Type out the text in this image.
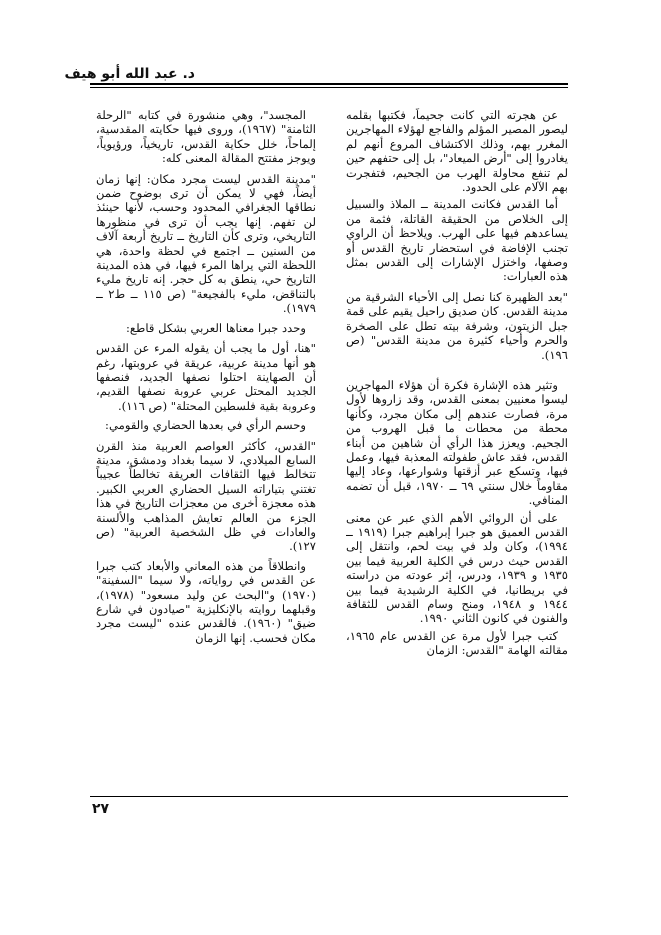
د. عبد الله أبو هيف

عن هجرته التي كانت جحيماً، فكتبها بقلمه ليصور المصير المؤلم والفاجع لهؤلاء المهاجرين المغرر بهم، وذلك الاكتشاف المروع أنهم لم يغادروا إلى "أرض الميعاد"، بل إلى حتفهم حين لم تنفع محاولة الهرب من الجحيم، فتفجرت بهم الآلام على الحدود.

أما القدس فكانت المدينة ــ الملاذ والسبيل إلى الخلاص من الحقيقة القاتلة، فثمة من يساعدهم فيها على الهرب. ويلاحظ أن الراوي تجنب الإفاضة في استحضار تاريخ القدس أو وصفها، واختزل الإشارات إلى القدس بمثل هذه العبارات:

"بعد الظهيرة كنا نصل إلى الأحياء الشرقية من مدينة القدس. كان صديق راحيل يقيم على قمة جبل الزيتون، وشرفة بيته تطل على الصخرة والحرم وأحياء كثيرة من مدينة القدس" (ص ١٩٦).

وتثير هذه الإشارة فكرة أن هؤلاء المهاجرين ليسوا معنيين بمعنى القدس، وقد زاروها لأول مرة، فصارت عندهم إلى مكان مجرد، وكأنها محطة من محطات ما قبل الهروب من الجحيم. ويعزز هذا الرأي أن شاهين من أبناء القدس، فقد عاش طفولته المعذبة فيها، وعمل فيها، وتسكع عبر أزقتها وشوارعها، وعاد إليها مقاوماً خلال سنتي ٦٩ ــ ١٩٧٠، قبل أن تضمه المنافي.

على أن الروائي الأهم الذي عبر عن معنى القدس العميق هو جبرا إبراهيم جبرا (١٩١٩ ــ ١٩٩٤)، وكان ولد في بيت لحم، وانتقل إلى القدس حيث درس في الكلية العربية فيما بين ١٩٣٥ و ١٩٣٩، ودرس، إثر عودته من دراسته في بريطانيا، في الكلية الرشيدية فيما بين ١٩٤٤ و ١٩٤٨، ومنح وسام القدس للثقافة والفنون في كانون الثاني ١٩٩٠.

كتب جبرا لأول مرة عن القدس عام ١٩٦٥، مقالته الهامة "القدس: الزمان

المجسد"، وهي منشورة في كتابه "الرحلة الثامنة" (١٩٦٧)، وروى فيها حكايته المقدسية، إلماحاً، خلل حكاية القدس، تاريخياً، ورؤيوياً، ويوجز مفتتح المقالة المعنى كله:

"مدينة القدس ليست مجرد مكان: إنها زمان أيضاً، فهي لا يمكن أن ترى بوضوح ضمن نطاقها الجغرافي المحدود وحسب، لأنها حينئذ لن تفهم. إنها يجب أن ترى في منظورها التاريخي، وترى كأن التاريخ ــ تاريخ أربعة آلاف من السنين ــ اجتمع في لحظة واحدة، هي اللحظة التي يراها المرء فيها، في هذه المدينة التاريخ حي، ينطق به كل حجر. إنه تاريخ مليء بالتناقض، مليء بالفجيعة" (ص ١١٥ ــ ط٢ ــ ١٩٧٩).

وحدد جبرا معناها العربي بشكل قاطع:

"هنا، أول ما يجب أن يقوله المرء عن القدس هو أنها مدينة عربية، عريقة في عروبتها، رغم أن الصهاينة احتلوا نصفها الجديد، فنصفها الجديد المحتل عربي عروبة نصفها القديم، وعروبة بقية فلسطين المحتلة" (ص ١١٦).

وحسم الرأي في بعدها الحضاري والقومي:

"القدس، كأكثر العواصم العربية منذ القرن السابع الميلادي، لا سيما بغداد ودمشق، مدينة تتخالط فيها الثقافات العريقة تخالطاً عجيباً تغتني بتياراته السيل الحضاري العربي الكبير. هذه معجزة أخرى من معجزات التاريخ في هذا الجزء من العالم تعايش المذاهب والألسنة والعادات في ظل الشخصية العربية" (ص ١٢٧).

وانطلاقاً من هذه المعاني والأبعاد كتب جبرا عن القدس في رواياته، ولا سيما "السفينة" (١٩٧٠) و"البحث عن وليد مسعود" (١٩٧٨)، وقبلهما روايته بالإنكليزية "صيادون في شارع ضيق" (١٩٦٠). فالقدس عنده "ليست مجرد مكان فحسب. إنها الزمان

٢٧
